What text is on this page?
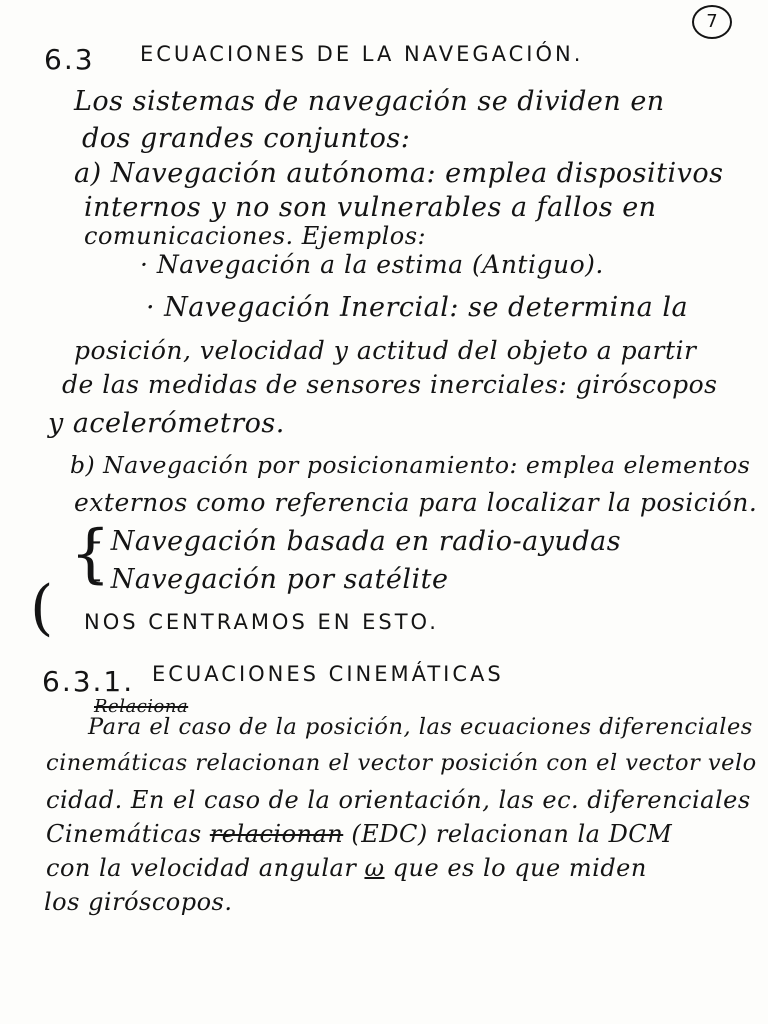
7
6.3 ECUACIONES DE LA NAVEGACIÓN.
Los sistemas de navegación se dividen en
dos grandes conjuntos:
a) Navegación autónoma: emplea dispositivos
internos y no son vulnerables a fallos en
comunicaciones. Ejemplos:
· Navegación a la estima (Antiguo).
· Navegación Inercial: se determina la
posición, velocidad y actitud del objeto a partir
de las medidas de sensores inerciales: giróscopos
y acelerómetros.
b) Navegación por posicionamiento: emplea elementos
externos como referencia para localizar la posición.
{
(
- Navegación basada en radio-ayudas
- Navegación por satélite
NOS CENTRAMOS EN ESTO.
6.3.1. ECUACIONES CINEMÁTICAS
Relaciona
Para el caso de la posición, las ecuaciones diferenciales
cinemáticas relacionan el vector posición con el vector velo
cidad. En el caso de la orientación, las ec. diferenciales
Cinemáticas relacionan (EDC) relacionan la DCM
con la velocidad angular ω que es lo que miden
los giróscopos.
